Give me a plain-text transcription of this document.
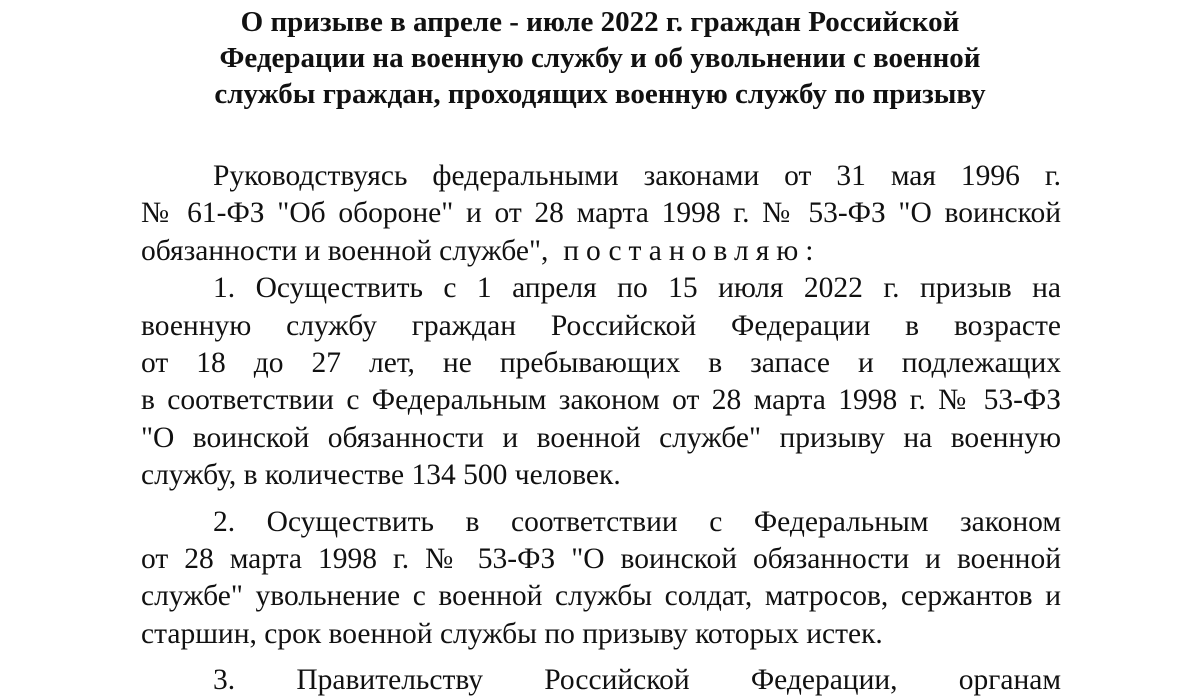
О призыве в апреле - июле 2022 г. граждан Российской
Федерации на военную службу и об увольнении с военной
службы граждан, проходящих военную службу по призыву
Руководствуясь федеральными законами от 31 мая 1996 г.
№ 61-ФЗ "Об обороне" и от 28 марта 1998 г. № 53-ФЗ "О воинской
обязанности и военной службе", постановляю:
1. Осуществить с 1 апреля по 15 июля 2022 г. призыв на
военную службу граждан Российской Федерации в возрасте
от 18 до 27 лет, не пребывающих в запасе и подлежащих
в соответствии с Федеральным законом от 28 марта 1998 г. № 53-ФЗ
"О воинской обязанности и военной службе" призыву на военную
службу, в количестве 134 500 человек.
2. Осуществить в соответствии с Федеральным законом
от 28 марта 1998 г. № 53-ФЗ "О воинской обязанности и военной
службе" увольнение с военной службы солдат, матросов, сержантов и
старшин, срок военной службы по призыву которых истек.
3. Правительству Российской Федерации, органам
